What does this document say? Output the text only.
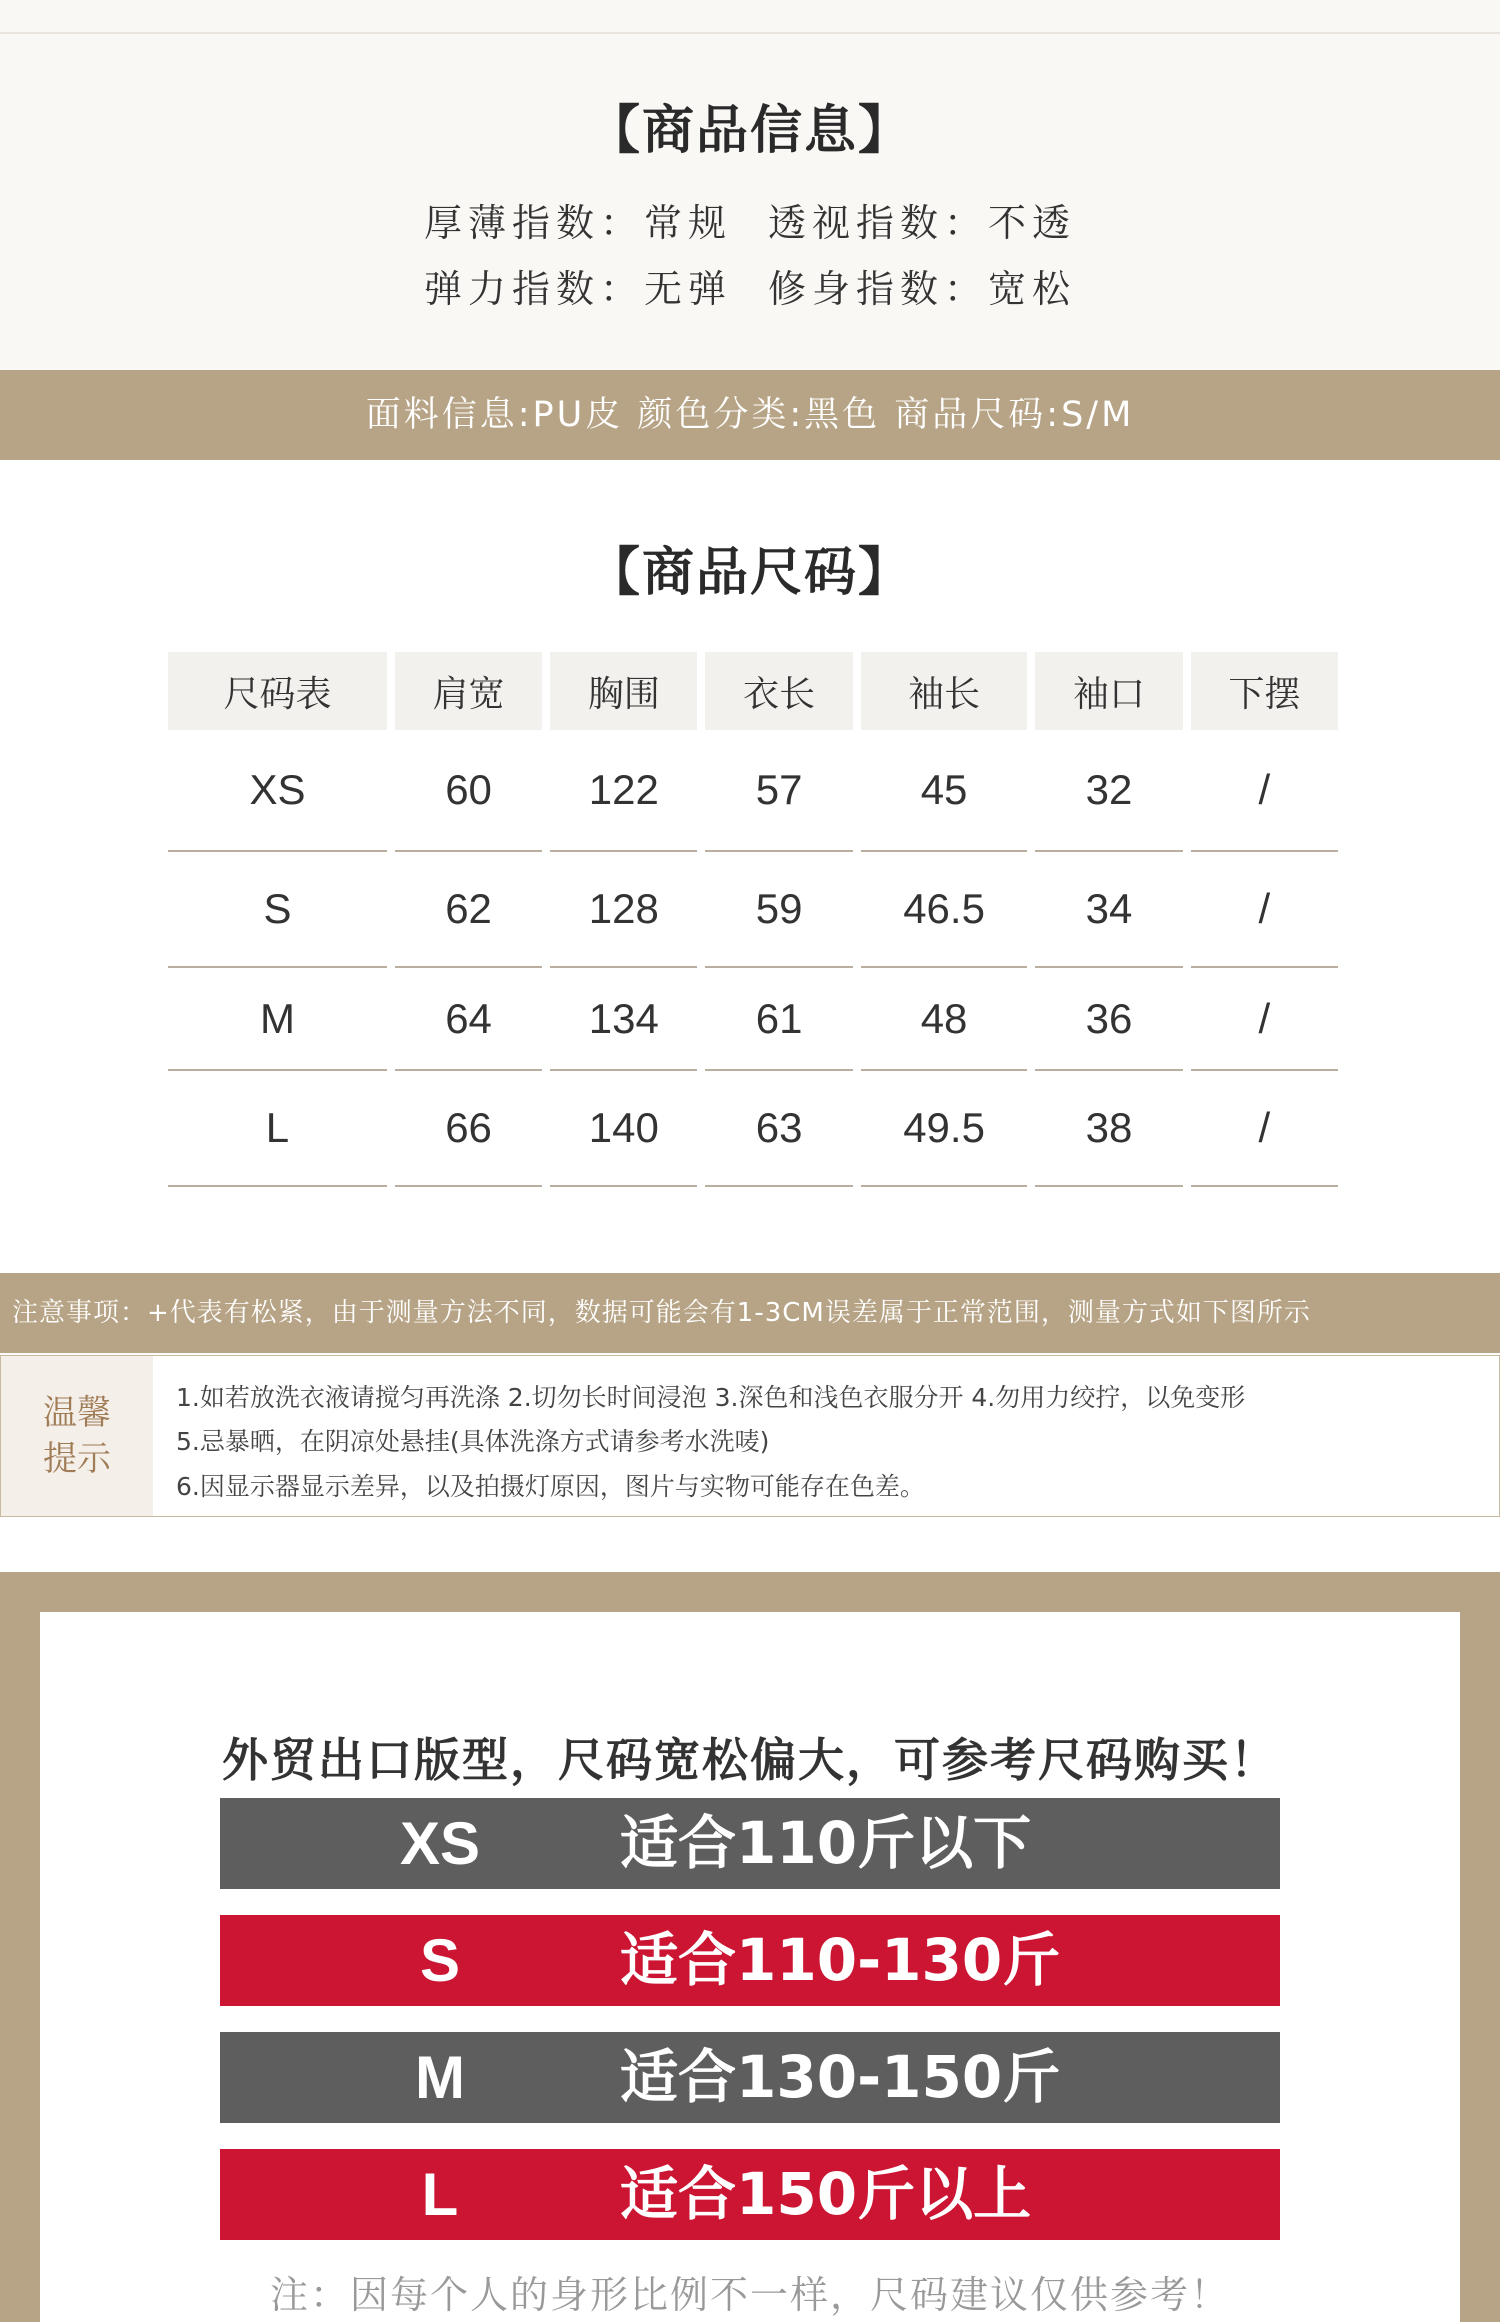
【商品信息】
厚薄指数：常规 透视指数：不透
弹力指数：无弹 修身指数：宽松
面料信息:PU皮 颜色分类:黑色 商品尺码:S/M
【商品尺码】
尺码表	肩宽	胸围	衣长	袖长	袖口	下摆
XS	60	122	57	45	32	/
S	62	128	59	46.5	34	/
M	64	134	61	48	36	/
L	66	140	63	49.5	38	/
注意事项：+代表有松紧，由于测量方法不同，数据可能会有1-3CM误差属于正常范围，测量方式如下图所示
温馨
提示
1.如若放洗衣液请搅匀再洗涤 2.切勿长时间浸泡 3.深色和浅色衣服分开 4.勿用力绞拧，以免变形
5.忌暴晒，在阴凉处悬挂(具体洗涤方式请参考水洗唛)
6.因显示器显示差异，以及拍摄灯原因，图片与实物可能存在色差。
外贸出口版型，尺码宽松偏大，可参考尺码购买！
XS	适合110斤以下
S	适合110-130斤
M	适合130-150斤
L	适合150斤以上
注：因每个人的身形比例不一样，尺码建议仅供参考！
